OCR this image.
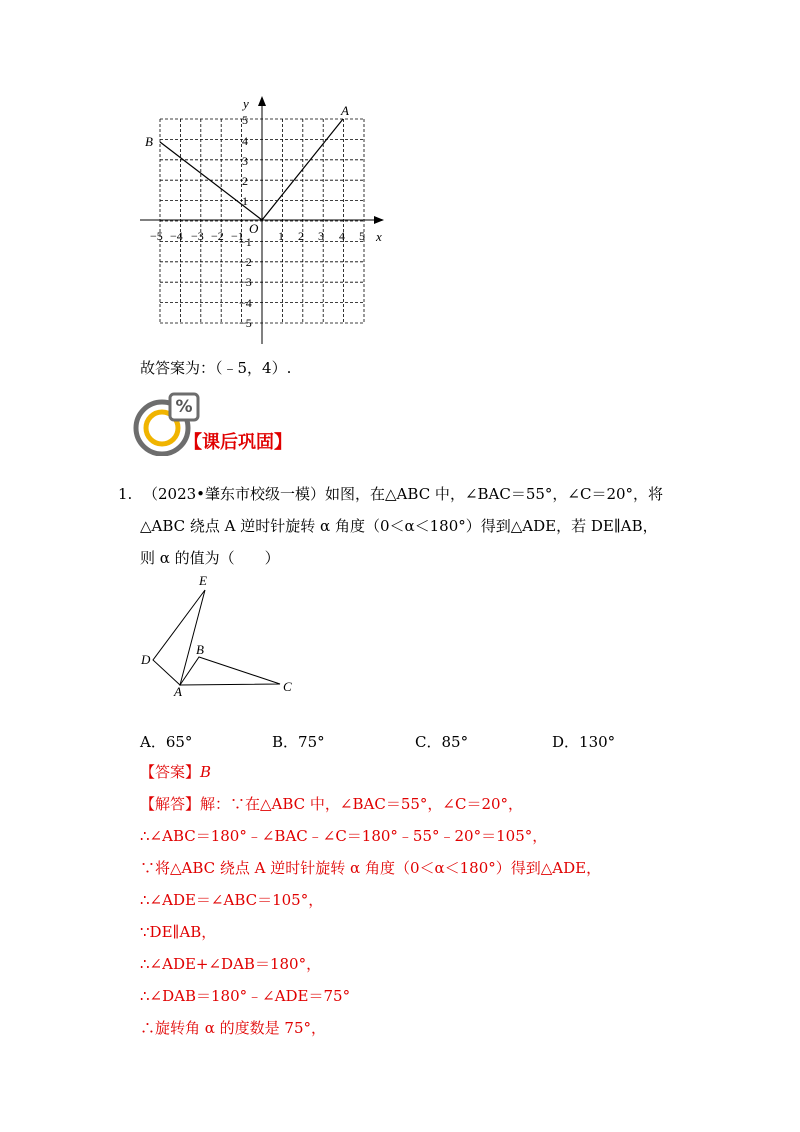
y
x
O
A
B
−5 −4 −3 −2 −1	1 2 3 4 5
5
4
3
2
1
−1
−2
−3
−4
−5
故答案为：（﹣5，4）.
%
【课后巩固】
1. （2023•肇东市校级一模）如图，在△ABC 中，∠BAC＝55°，∠C＝20°，将
△ABC 绕点 A 逆时针旋转 α 角度（0＜α＜180°）得到△ADE，若 DE∥AB，
则 α 的值为（　　）
E
D
B
A	C
A．65°	B．75°	C．85°	D．130°
【答案】B
【解答】解：∵在△ABC 中，∠BAC＝55°，∠C＝20°，
∴∠ABC＝180°﹣∠BAC﹣∠C＝180°﹣55°﹣20°＝105°，
∵将△ABC 绕点 A 逆时针旋转 α 角度（0＜α＜180°）得到△ADE，
∴∠ADE＝∠ABC＝105°，
∵DE∥AB，
∴∠ADE+∠DAB＝180°，
∴∠DAB＝180°﹣∠ADE＝75°
∴旋转角 α 的度数是 75°，
